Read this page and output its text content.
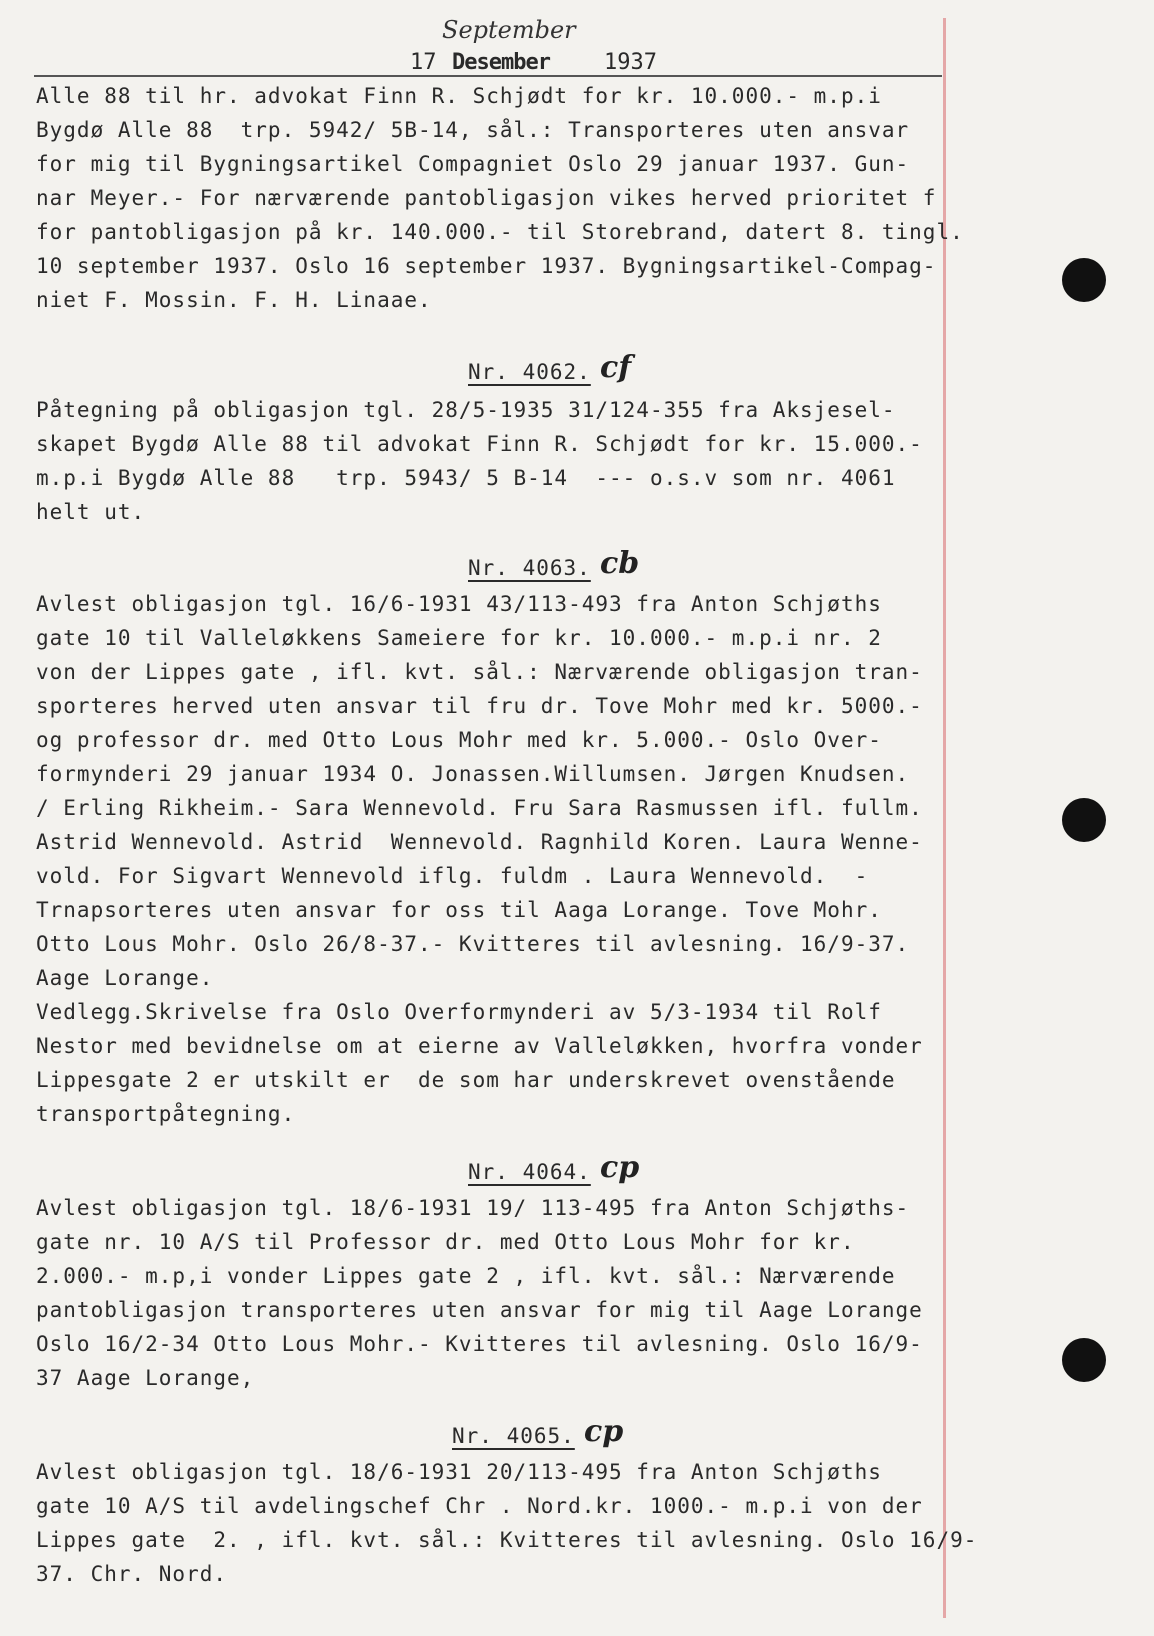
September
17 Desember 1937
Alle 88 til hr. advokat Finn R. Schjødt for kr. 10.000.- m.p.i
Bygdø Alle 88  trp. 5942/ 5B-14, sål.: Transporteres uten ansvar
for mig til Bygningsartikel Compagniet Oslo 29 januar 1937. Gun-
nar Meyer.- For nærværende pantobligasjon vikes herved prioritet f
for pantobligasjon på kr. 140.000.- til Storebrand, datert 8. tingl.
10 september 1937. Oslo 16 september 1937. Bygningsartikel-Compag-
niet F. Mossin. F. H. Linaae.
Nr. 4062. cf
Påtegning på obligasjon tgl. 28/5-1935 31/124-355 fra Aksjesel-
skapet Bygdø Alle 88 til advokat Finn R. Schjødt for kr. 15.000.-
m.p.i Bygdø Alle 88   trp. 5943/ 5 B-14  --- o.s.v som nr. 4061
helt ut.
Nr. 4063. cb
Avlest obligasjon tgl. 16/6-1931 43/113-493 fra Anton Schjøths
gate 10 til Valleløkkens Sameiere for kr. 10.000.- m.p.i nr. 2
von der Lippes gate , ifl. kvt. sål.: Nærværende obligasjon tran-
sporteres herved uten ansvar til fru dr. Tove Mohr med kr. 5000.-
og professor dr. med Otto Lous Mohr med kr. 5.000.- Oslo Over-
formynderi 29 januar 1934 O. Jonassen.Willumsen. Jørgen Knudsen.
/ Erling Rikheim.- Sara Wennevold. Fru Sara Rasmussen ifl. fullm.
Astrid Wennevold. Astrid  Wennevold. Ragnhild Koren. Laura Wenne-
vold. For Sigvart Wennevold iflg. fuldm . Laura Wennevold.  -
Trnapsorteres uten ansvar for oss til Aaga Lorange. Tove Mohr.
Otto Lous Mohr. Oslo 26/8-37.- Kvitteres til avlesning. 16/9-37.
Aage Lorange.
Vedlegg.Skrivelse fra Oslo Overformynderi av 5/3-1934 til Rolf
Nestor med bevidnelse om at eierne av Valleløkken, hvorfra vonder
Lippesgate 2 er utskilt er  de som har underskrevet ovenstående
transportpåtegning.
Nr. 4064. cp
Avlest obligasjon tgl. 18/6-1931 19/ 113-495 fra Anton Schjøths-
gate nr. 10 A/S til Professor dr. med Otto Lous Mohr for kr.
2.000.- m.p,i vonder Lippes gate 2 , ifl. kvt. sål.: Nærværende
pantobligasjon transporteres uten ansvar for mig til Aage Lorange
Oslo 16/2-34 Otto Lous Mohr.- Kvitteres til avlesning. Oslo 16/9-
37 Aage Lorange,
Nr. 4065. cp
Avlest obligasjon tgl. 18/6-1931 20/113-495 fra Anton Schjøths
gate 10 A/S til avdelingschef Chr . Nord.kr. 1000.- m.p.i von der
Lippes gate  2. , ifl. kvt. sål.: Kvitteres til avlesning. Oslo 16/9-
37. Chr. Nord.
